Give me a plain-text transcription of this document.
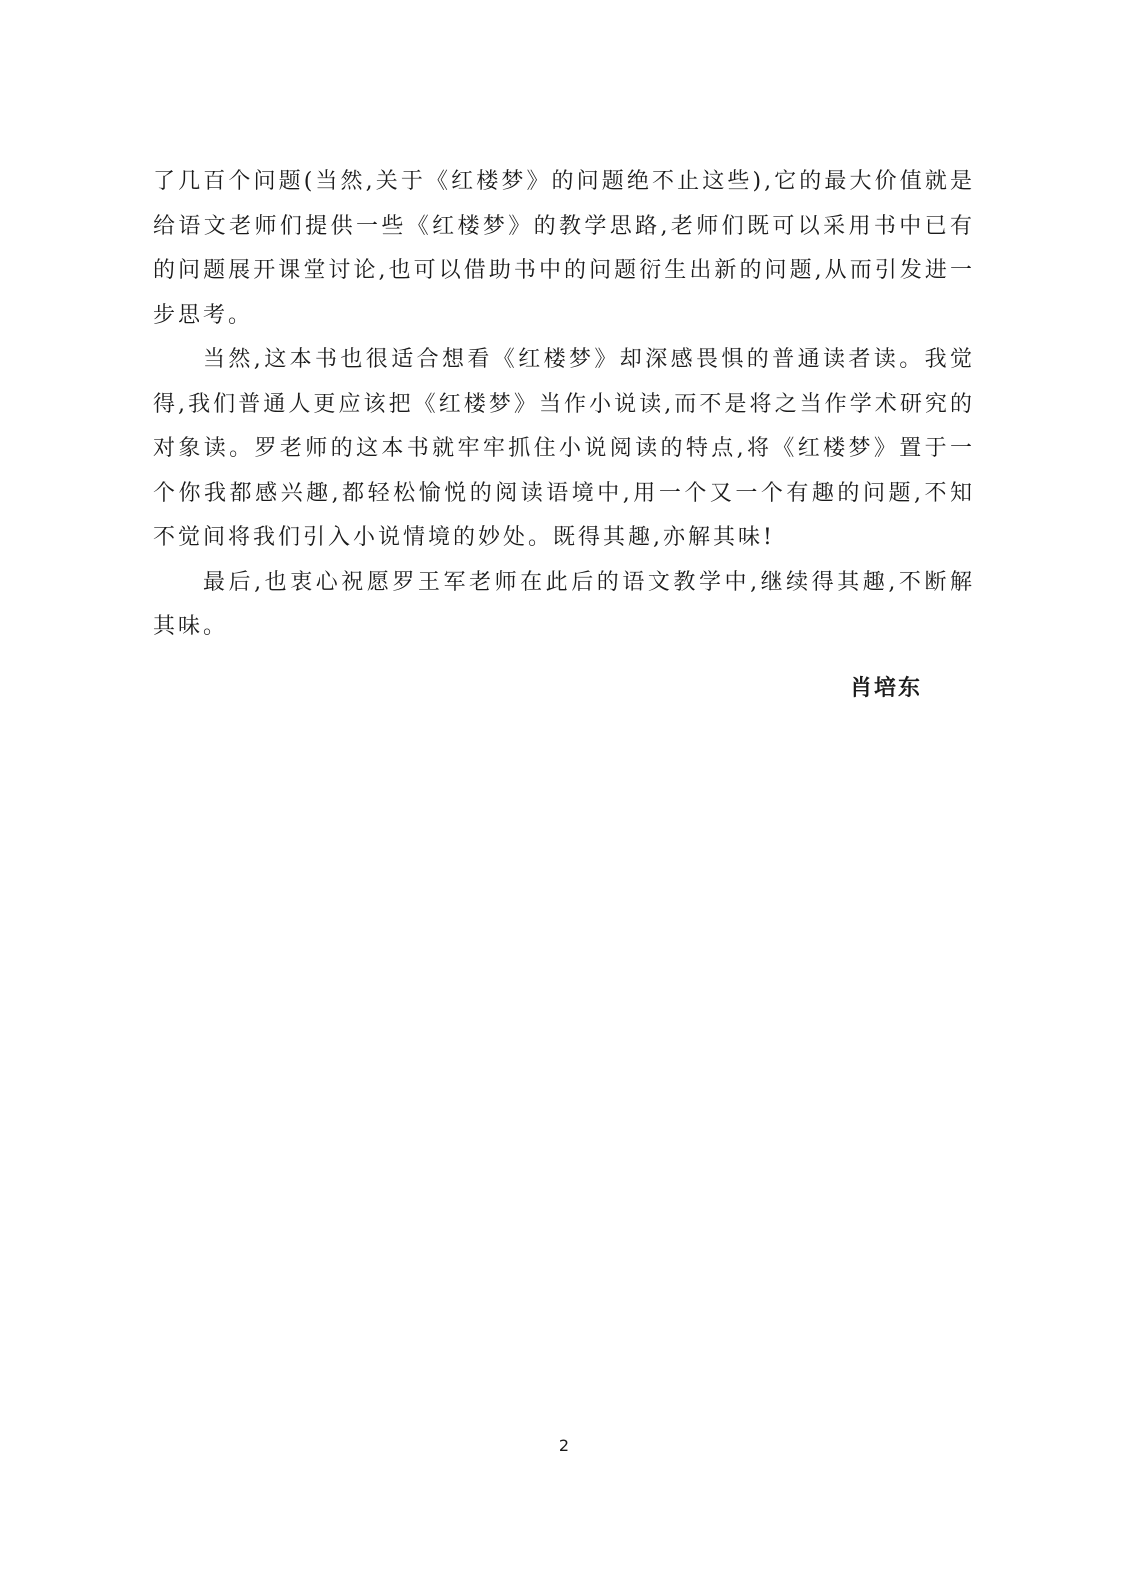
了几百个问题(当然,关于《红楼梦》的问题绝不止这些),它的最大价值就是给语文老师们提供一些《红楼梦》的教学思路,老师们既可以采用书中已有的问题展开课堂讨论,也可以借助书中的问题衍生出新的问题,从而引发进一步思考。

当然,这本书也很适合想看《红楼梦》却深感畏惧的普通读者读。我觉得,我们普通人更应该把《红楼梦》当作小说读,而不是将之当作学术研究的对象读。罗老师的这本书就牢牢抓住小说阅读的特点,将《红楼梦》置于一个你我都感兴趣,都轻松愉悦的阅读语境中,用一个又一个有趣的问题,不知不觉间将我们引入小说情境的妙处。既得其趣,亦解其味!

最后,也衷心祝愿罗王军老师在此后的语文教学中,继续得其趣,不断解其味。

肖培东

2
